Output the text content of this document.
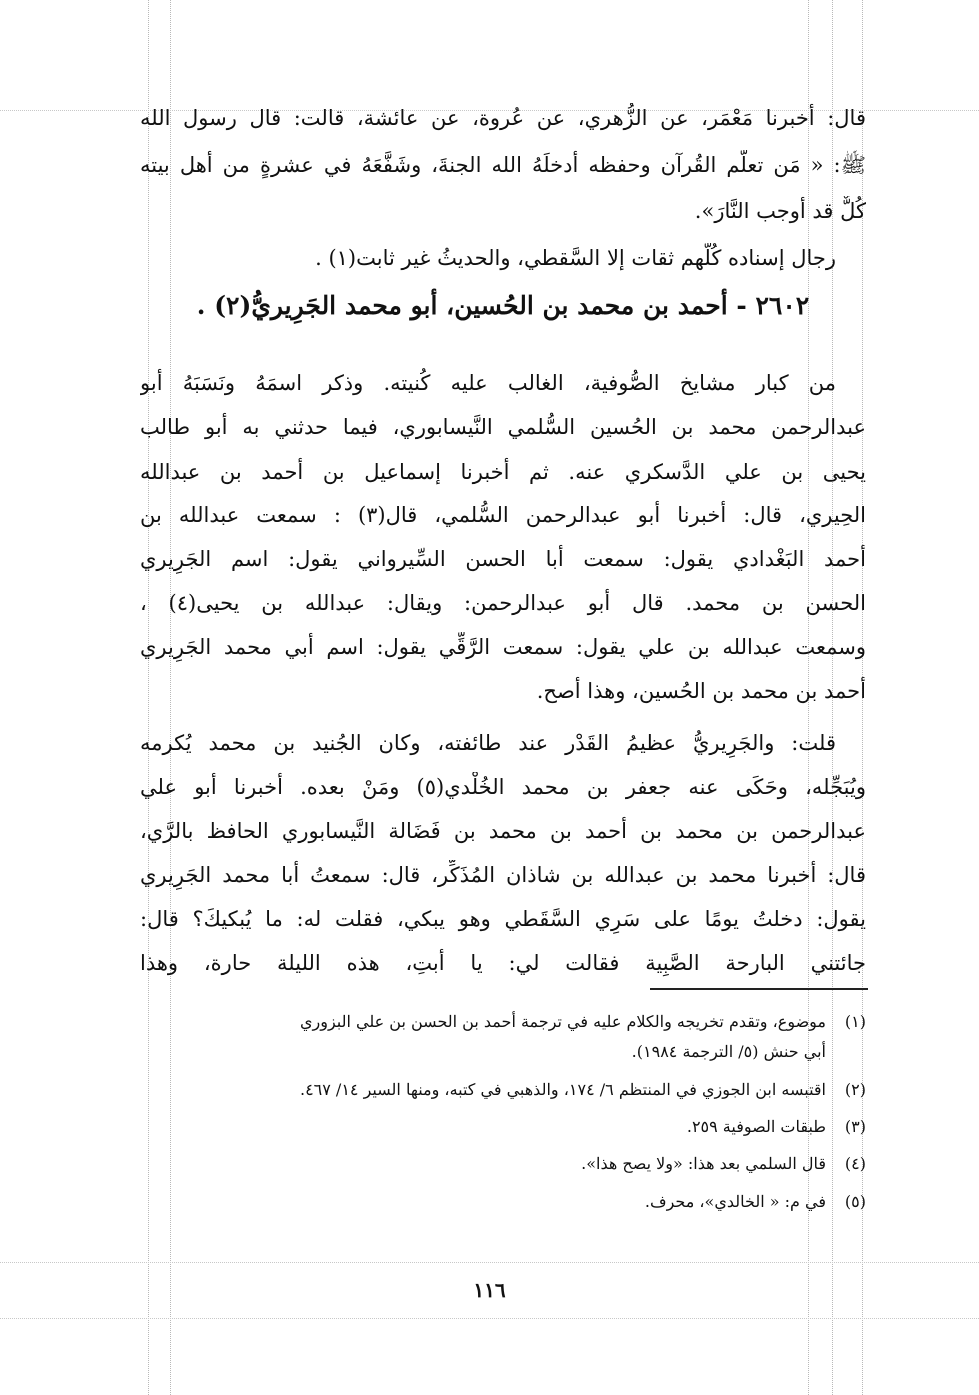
قال: أخبرنا مَعْمَر، عن الزُّهري، عن عُروة، عن عائشة، قالت: قال رسول الله
ﷺ: « مَن تعلَّم القُرآن وحفظه أدخلَهُ الله الجنةَ، وشَفَّعَهُ في عشرةٍ من أهل بيته
كُلٌّ قد أوجب النَّارَ».
رجال إسناده كُلّهم ثقات إلا السَّقطي، والحديثُ غير ثابت(١) .
٢٦٠٢ - أحمد بن محمد بن الحُسين، أبو محمد الجَرِيريُّ(٢) .
من كبار مشايخ الصُّوفية، الغالب عليه كُنيته. وذكر اسمَهُ ونَسَبَهُ أبو
عبدالرحمن محمد بن الحُسين السُّلمي النَّيسابوري، فيما حدثني به أبو طالب
يحيى بن علي الدَّسكري عنه. ثم أخبرنا إسماعيل بن أحمد بن عبدالله
الحِيري، قال: أخبرنا أبو عبدالرحمن السُّلمي، قال(٣) : سمعت عبدالله بن
أحمد البَغْدادي يقول: سمعت أبا الحسن السِّيرواني يقول: اسم الجَرِيري
الحسن بن محمد. قال أبو عبدالرحمن: ويقال: عبدالله بن يحيى(٤) ،
وسمعت عبدالله بن علي يقول: سمعت الرَّقِّي يقول: اسم أبي محمد الجَرِيري
أحمد بن محمد بن الحُسين، وهذا أصح.
قلت: والجَرِيريُّ عظيمُ القَدْر عند طائفته، وكان الجُنيد بن محمد يُكرمه
ويُبَجِّله، وحَكَى عنه جعفر بن محمد الخُلْدي(٥) ومَنْ بعده. أخبرنا أبو علي
عبدالرحمن بن محمد بن أحمد بن محمد بن فَضَالة النَّيسابوري الحافظ بالرَّي،
قال: أخبرنا محمد بن عبدالله بن شاذان المُذَكِّر، قال: سمعتُ أبا محمد الجَرِيري
يقول: دخلتُ يومًا على سَرِي السَّقَطي وهو يبكي، فقلت له: ما يُبكيكَ؟ قال:
جائتني البارحة الصَّبِية فقالت لي: يا أبتِ، هذه الليلة حارة، وهذا
(١)موضوع، وتقدم تخريجه والكلام عليه في ترجمة أحمد بن الحسن بن علي البزوري
أبي حنش (٥/ الترجمة ١٩٨٤).
(٢)اقتبسه ابن الجوزي في المنتظم ٦/ ١٧٤، والذهبي في كتبه، ومنها السير ١٤/ ٤٦٧.
(٣)طبقات الصوفية ٢٥٩.
(٤)قال السلمي بعد هذا: «ولا يصح هذا».
(٥)في م: « الخالدي»، محرف.
١١٦
